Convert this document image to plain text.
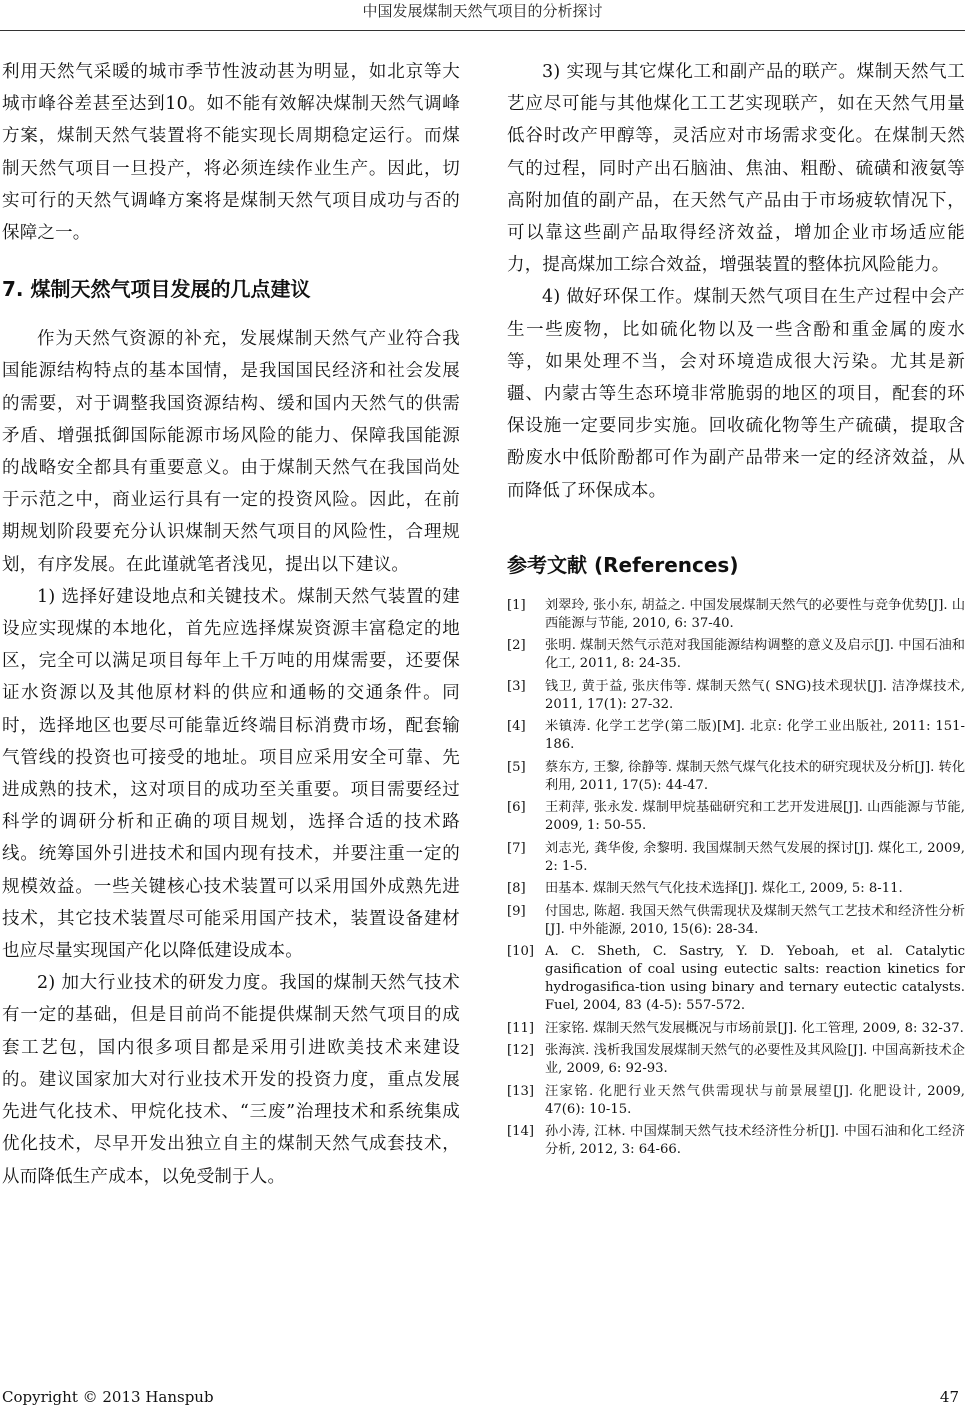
中国发展煤制天然气项目的分析探讨

利用天然气采暖的城市季节性波动甚为明显，如北京等大城市峰谷差甚至达到10。如不能有效解决煤制天然气调峰方案，煤制天然气装置将不能实现长周期稳定运行。而煤制天然气项目一旦投产，将必须连续作业生产。因此，切实可行的天然气调峰方案将是煤制天然气项目成功与否的保障之一。

7. 煤制天然气项目发展的几点建议

作为天然气资源的补充，发展煤制天然气产业符合我国能源结构特点的基本国情，是我国国民经济和社会发展的需要，对于调整我国资源结构、缓和国内天然气的供需矛盾、增强抵御国际能源市场风险的能力、保障我国能源的战略安全都具有重要意义。由于煤制天然气在我国尚处于示范之中，商业运行具有一定的投资风险。因此，在前期规划阶段要充分认识煤制天然气项目的风险性，合理规划，有序发展。在此谨就笔者浅见，提出以下建议。

1) 选择好建设地点和关键技术。煤制天然气装置的建设应实现煤的本地化，首先应选择煤炭资源丰富稳定的地区，完全可以满足项目每年上千万吨的用煤需要，还要保证水资源以及其他原材料的供应和通畅的交通条件。同时，选择地区也要尽可能靠近终端目标消费市场，配套输气管线的投资也可接受的地址。项目应采用安全可靠、先进成熟的技术，这对项目的成功至关重要。项目需要经过科学的调研分析和正确的项目规划，选择合适的技术路线。统筹国外引进技术和国内现有技术，并要注重一定的规模效益。一些关键核心技术装置可以采用国外成熟先进技术，其它技术装置尽可能采用国产技术，装置设备建材也应尽量实现国产化以降低建设成本。

2) 加大行业技术的研发力度。我国的煤制天然气技术有一定的基础，但是目前尚不能提供煤制天然气项目的成套工艺包，国内很多项目都是采用引进欧美技术来建设的。建议国家加大对行业技术开发的投资力度，重点发展先进气化技术、甲烷化技术、“三废”治理技术和系统集成优化技术，尽早开发出独立自主的煤制天然气成套技术，从而降低生产成本，以免受制于人。

3) 实现与其它煤化工和副产品的联产。煤制天然气工艺应尽可能与其他煤化工工艺实现联产，如在天然气用量低谷时改产甲醇等，灵活应对市场需求变化。在煤制天然气的过程，同时产出石脑油、焦油、粗酚、硫磺和液氨等高附加值的副产品，在天然气产品由于市场疲软情况下，可以靠这些副产品取得经济效益，增加企业市场适应能力，提高煤加工综合效益，增强装置的整体抗风险能力。

4) 做好环保工作。煤制天然气项目在生产过程中会产生一些废物，比如硫化物以及一些含酚和重金属的废水等，如果处理不当，会对环境造成很大污染。尤其是新疆、内蒙古等生态环境非常脆弱的地区的项目，配套的环保设施一定要同步实施。回收硫化物等生产硫磺，提取含酚废水中低阶酚都可作为副产品带来一定的经济效益，从而降低了环保成本。

参考文献 (References)
[1]	刘翠玲, 张小东, 胡益之. 中国发展煤制天然气的必要性与竞争优势[J]. 山西能源与节能, 2010, 6: 37-40.
[2]	张明. 煤制天然气示范对我国能源结构调整的意义及启示[J]. 中国石油和化工, 2011, 8: 24-35.
[3]	钱卫, 黄于益, 张庆伟等. 煤制天然气( SNG)技术现状[J]. 洁净煤技术, 2011, 17(1): 27-32.
[4]	米镇涛. 化学工艺学(第二版)[M]. 北京: 化学工业出版社, 2011: 151-186.
[5]	蔡东方, 王黎, 徐静等. 煤制天然气煤气化技术的研究现状及分析[J]. 转化利用, 2011, 17(5): 44-47.
[6]	王莉萍, 张永发. 煤制甲烷基础研究和工艺开发进展[J]. 山西能源与节能, 2009, 1: 50-55.
[7]	刘志光, 龚华俊, 余黎明. 我国煤制天然气发展的探讨[J]. 煤化工, 2009, 2: 1-5.
[8]	田基本. 煤制天然气气化技术选择[J]. 煤化工, 2009, 5: 8-11.
[9]	付国忠, 陈超. 我国天然气供需现状及煤制天然气工艺技术和经济性分析[J]. 中外能源, 2010, 15(6): 28-34.
[10] A. C. Sheth, C. Sastry, Y. D. Yeboah, et al. Catalytic gasification of coal using eutectic salts: reaction kinetics for hydrogasifica-tion using binary and ternary eutectic catalysts. Fuel, 2004, 83 (4-5): 557-572.
[11] 汪家铭. 煤制天然气发展概况与市场前景[J]. 化工管理, 2009, 8: 32-37.
[12] 张海滨. 浅析我国发展煤制天然气的必要性及其风险[J]. 中国高新技术企业, 2009, 6: 92-93.
[13] 汪家铭. 化肥行业天然气供需现状与前景展望[J]. 化肥设计, 2009, 47(6): 10-15.
[14] 孙小涛, 江林. 中国煤制天然气技术经济性分析[J]. 中国石油和化工经济分析, 2012, 3: 64-66.
Copyright © 2013 Hanspub	47
